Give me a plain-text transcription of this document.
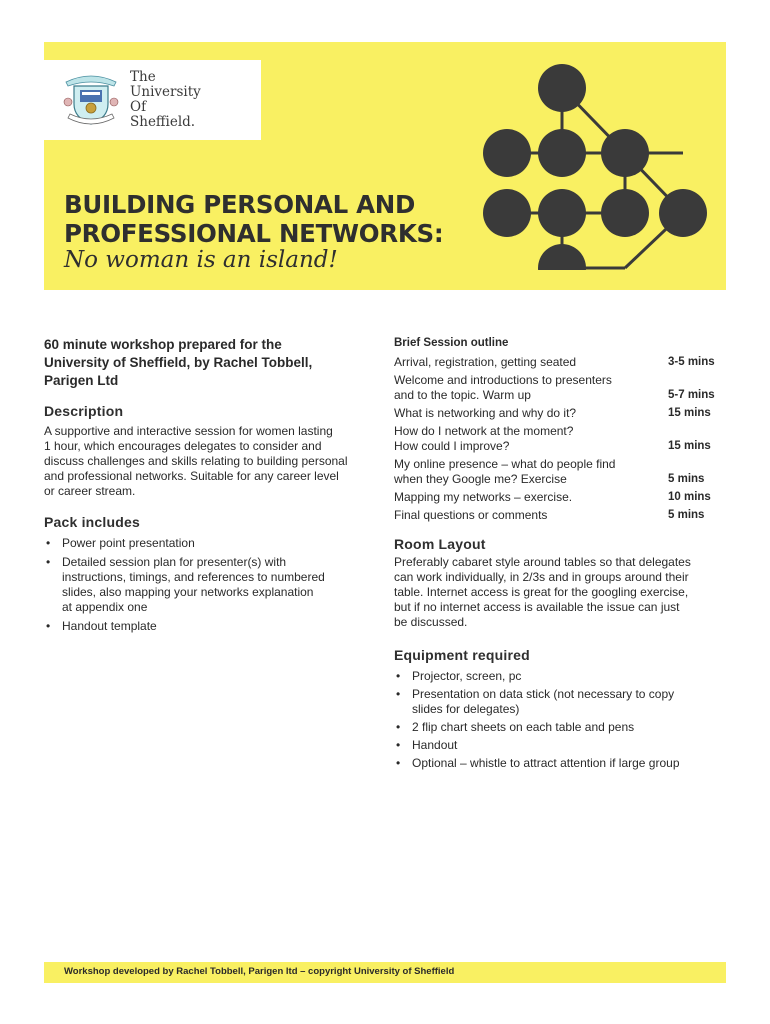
The
University
Of
Sheffield.
BUILDING PERSONAL AND
PROFESSIONAL NETWORKS:
No woman is an island!
60 minute workshop prepared for the
University of Sheffield, by Rachel Tobbell,
Parigen Ltd
Description
A supportive and interactive session for women lasting
1 hour, which encourages delegates to consider and
discuss challenges and skills relating to building personal
and professional networks. Suitable for any career level
or career stream.
Pack includes
• Power point presentation
• Detailed session plan for presenter(s) with
instructions, timings, and references to numbered
slides, also mapping your networks explanation
at appendix one
• Handout template
Brief Session outline
Arrival, registration, getting seated	3-5 mins
Welcome and introductions to presenters
and to the topic. Warm up	5-7 mins
What is networking and why do it?	15 mins
How do I network at the moment?
How could I improve?	15 mins
My online presence – what do people find
when they Google me? Exercise	5 mins
Mapping my networks – exercise.	10 mins
Final questions or comments	5 mins
Room Layout
Preferably cabaret style around tables so that delegates
can work individually, in 2/3s and in groups around their
table. Internet access is great for the googling exercise,
but if no internet access is available the issue can just
be discussed.
Equipment required
• Projector, screen, pc
• Presentation on data stick (not necessary to copy
slides for delegates)
• 2 flip chart sheets on each table and pens
• Handout
• Optional – whistle to attract attention if large group
Workshop developed by Rachel Tobbell, Parigen ltd – copyright University of Sheffield
